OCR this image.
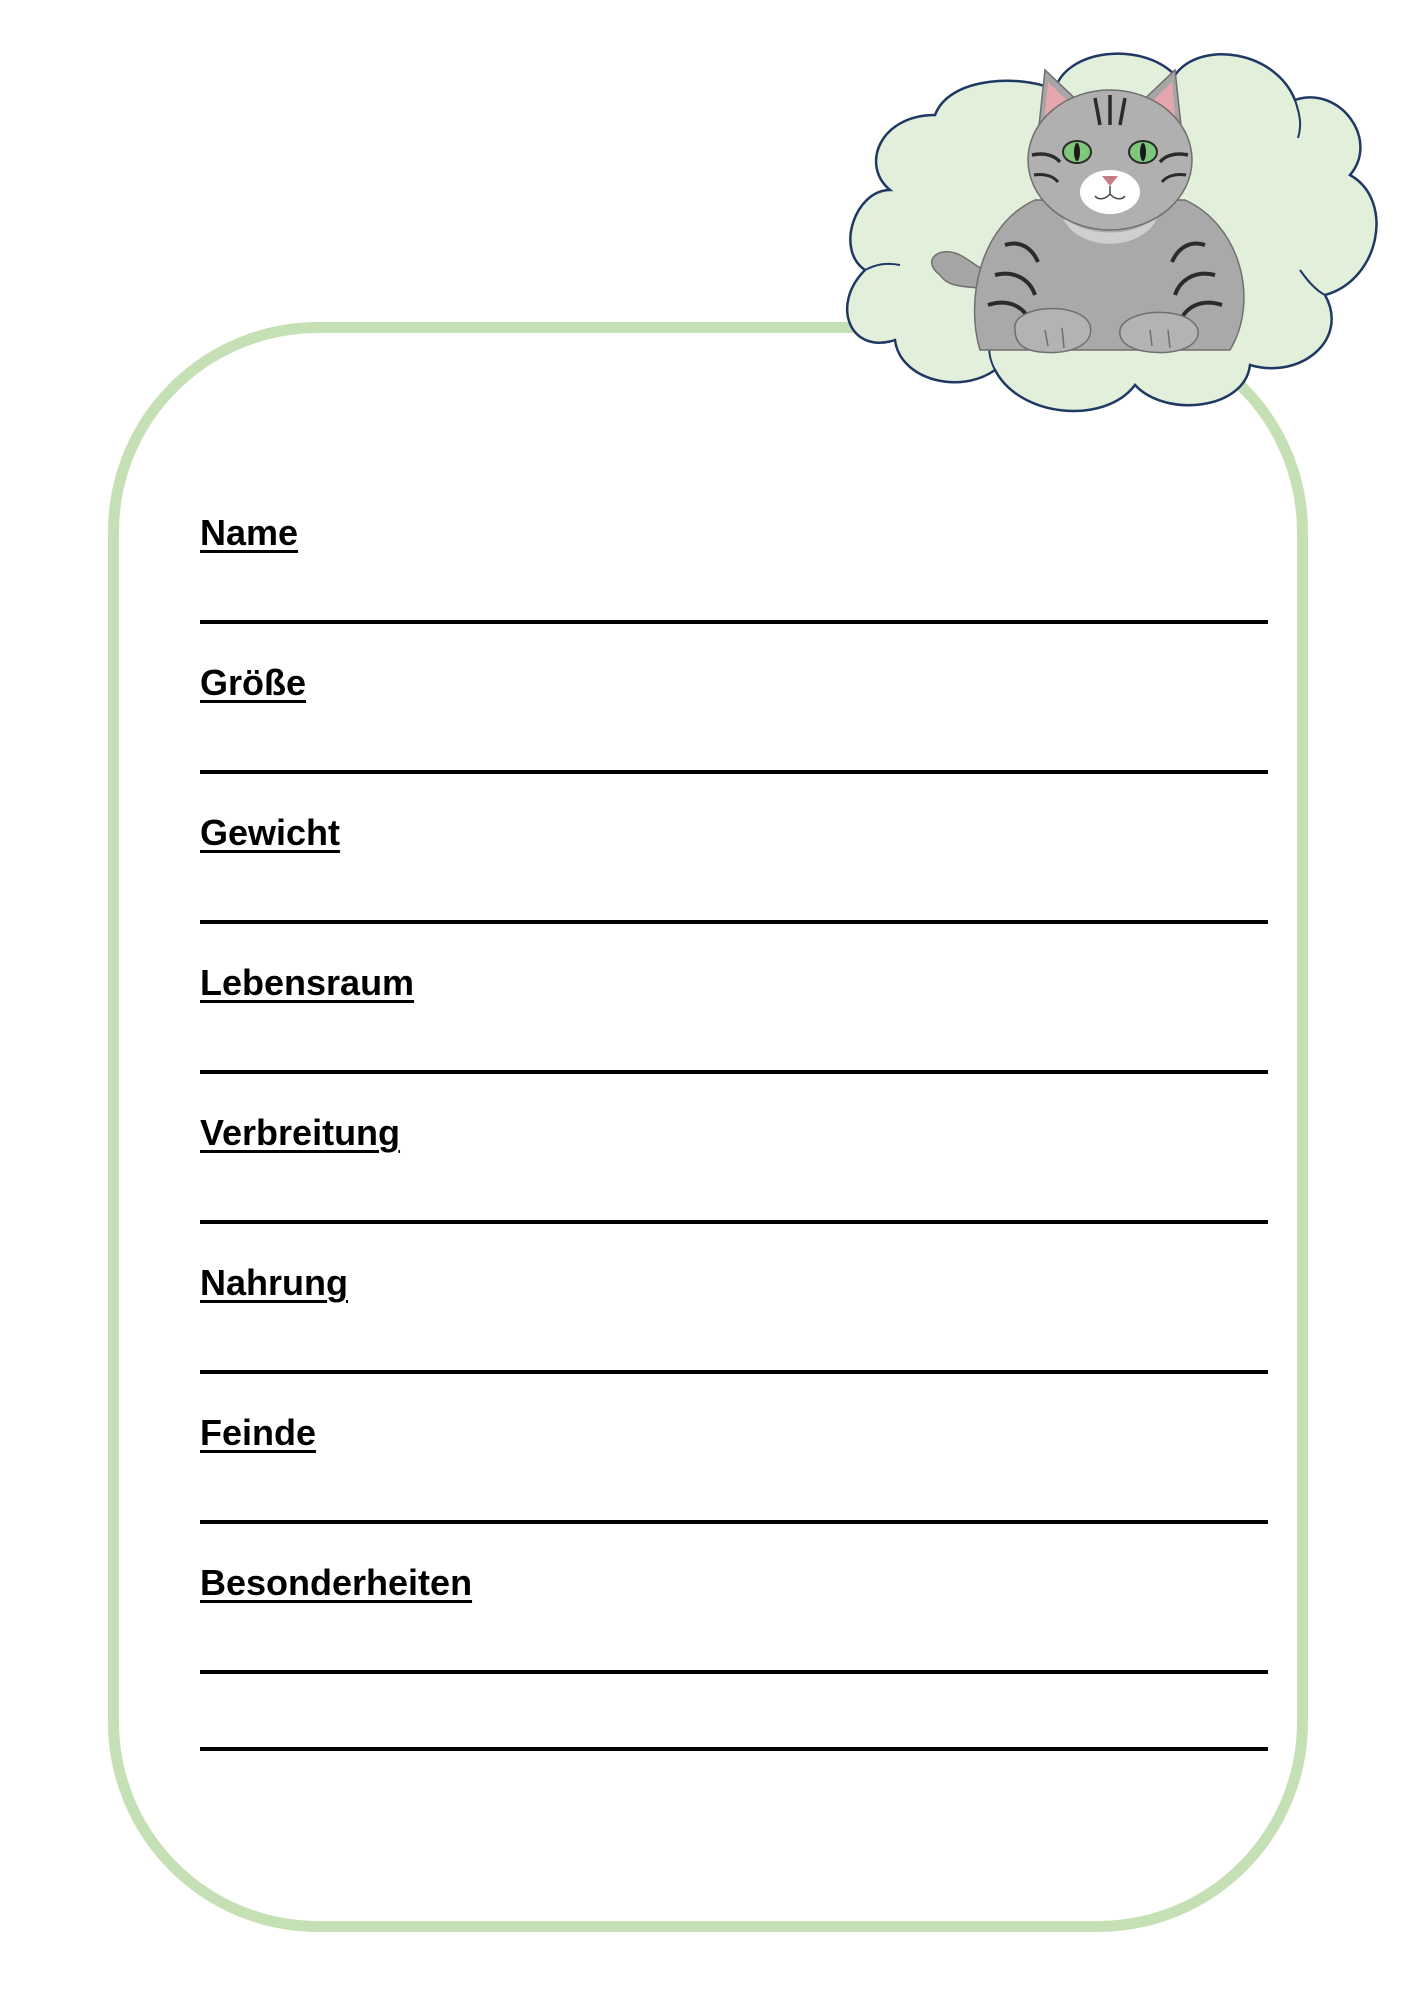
Name
Größe
Gewicht
Lebensraum
Verbreitung
Nahrung
Feinde
Besonderheiten
